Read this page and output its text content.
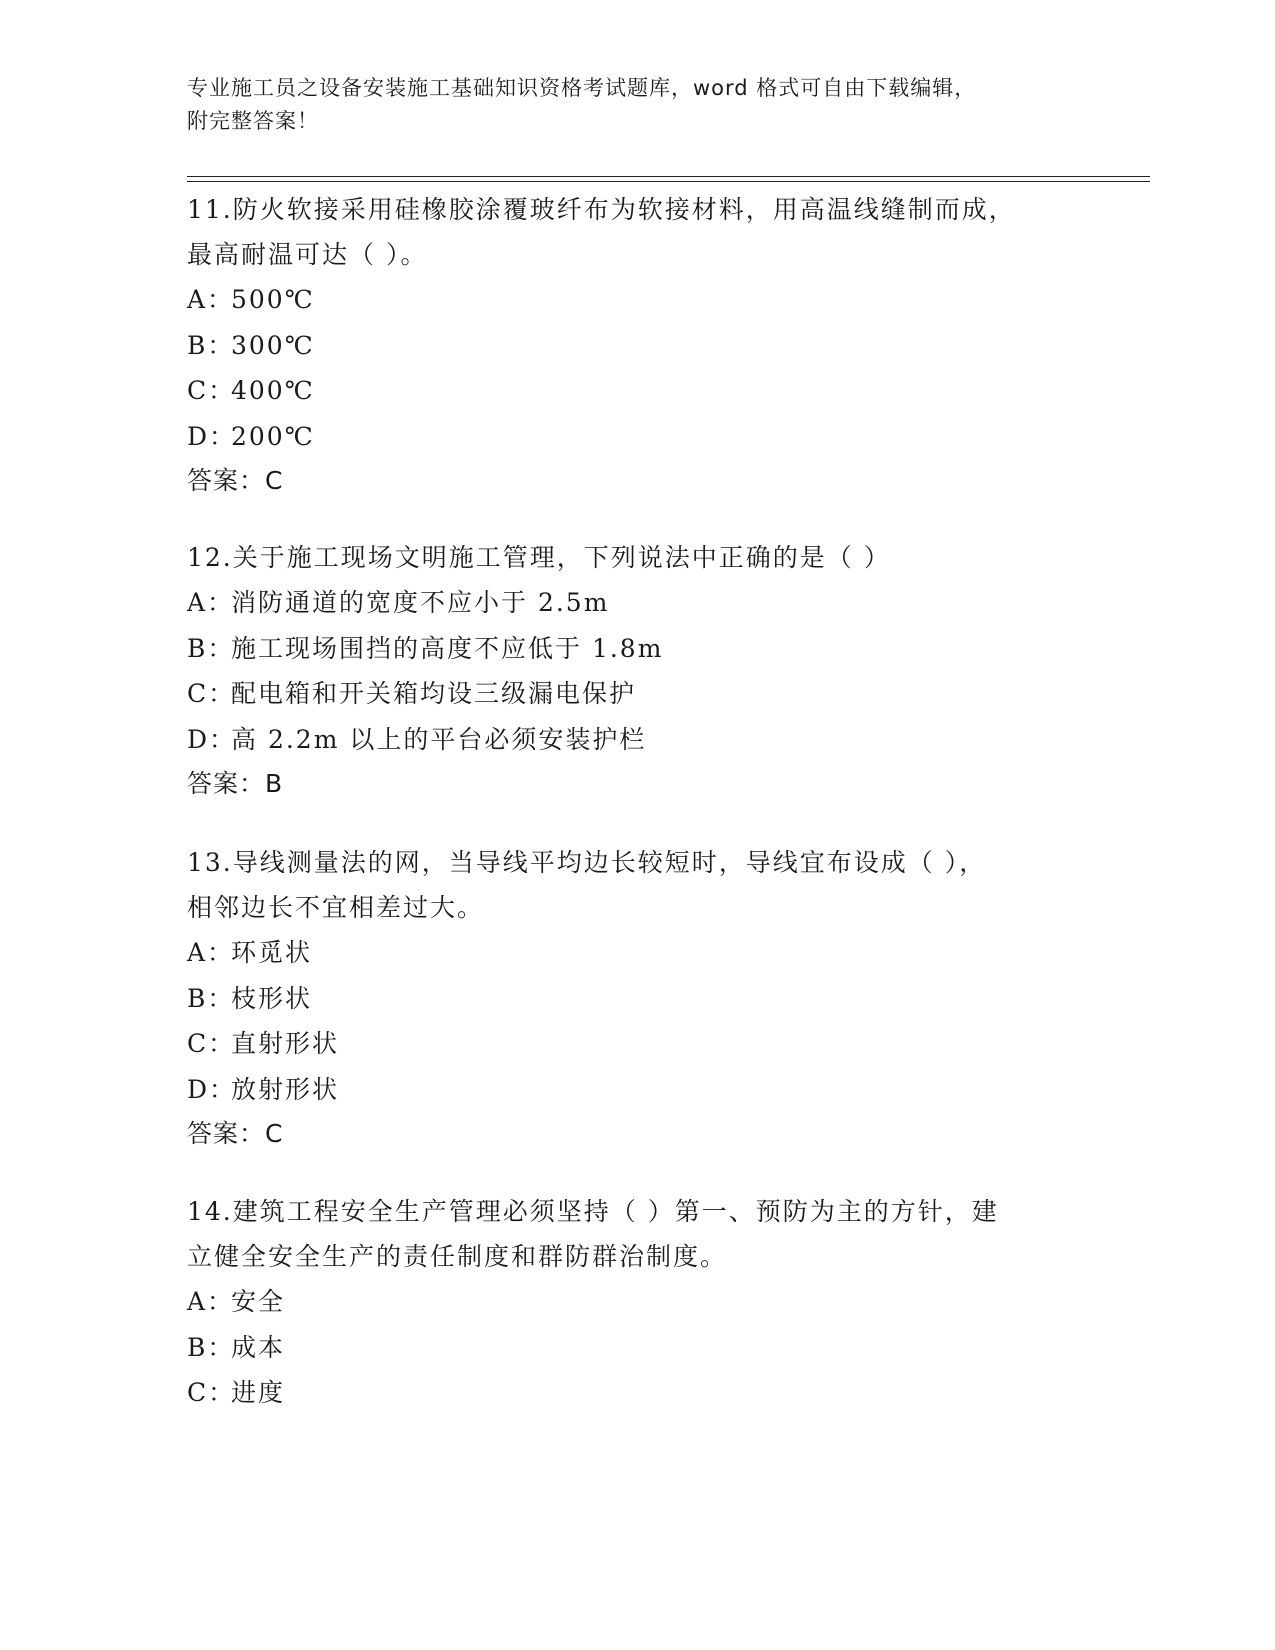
专业施工员之设备安装施工基础知识资格考试题库，word 格式可自由下载编辑，
附完整答案！

11.防火软接采用硅橡胶涂覆玻纤布为软接材料，用高温线缝制而成，

最高耐温可达（ ）。

A：500℃

B：300℃

C：400℃

D：200℃

答案：C

12.关于施工现场文明施工管理，下列说法中正确的是（ ）

A：消防通道的宽度不应小于 2.5m

B：施工现场围挡的高度不应低于 1.8m

C：配电箱和开关箱均设三级漏电保护

D：高 2.2m 以上的平台必须安装护栏

答案：B

13.导线测量法的网，当导线平均边长较短时，导线宜布设成（ ），

相邻边长不宜相差过大。

A：环觅状

B：枝形状

C：直射形状

D：放射形状

答案：C

14.建筑工程安全生产管理必须坚持（ ）第一、预防为主的方针，建

立健全安全生产的责任制度和群防群治制度。

A：安全

B：成本

C：进度
